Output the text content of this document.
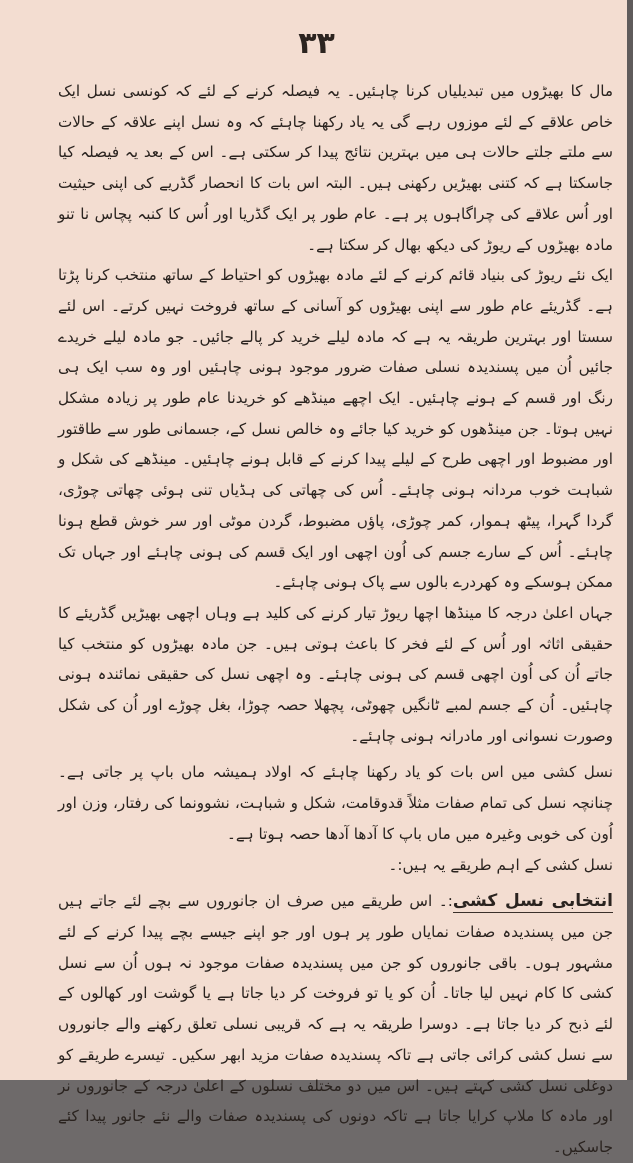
۳۳

مال کا بھیڑوں میں تبدیلیاں کرنا چاہئیں۔ یہ فیصلہ کرنے کے لئے کہ کونسی نسل ایک خاص علاقے کے لئے موزوں رہے گی یہ یاد رکھنا چاہئے کہ وہ نسل اپنے علاقہ کے حالات سے ملتے جلتے حالات ہی میں بہترین نتائج پیدا کر سکتی ہے۔ اس کے بعد یہ فیصلہ کیا جاسکتا ہے کہ کتنی بھیڑیں رکھنی ہیں۔ البتہ اس بات کا انحصار گڈریے کی اپنی حیثیت اور اُس علاقے کی چراگاہوں پر ہے۔ عام طور پر ایک گڈریا اور اُس کا کنبہ پچاس نا تنو مادہ بھیڑوں کے ریوڑ کی دیکھ بھال کر سکتا ہے۔

ایک نئے ریوڑ کی بنیاد قائم کرنے کے لئے مادہ بھیڑوں کو احتیاط کے ساتھ منتخب کرنا پڑتا ہے۔ گڈریئے عام طور سے اپنی بھیڑوں کو آسانی کے ساتھ فروخت نہیں کرتے۔ اس لئے سستا اور بہترین طریقہ یہ ہے کہ مادہ لیلے خرید کر پالے جائیں۔ جو مادہ لیلے خریدے جائیں اُن میں پسندیدہ نسلی صفات ضرور موجود ہونی چاہئیں اور وہ سب ایک ہی رنگ اور قسم کے ہونے چاہئیں۔ ایک اچھے مینڈھے کو خریدنا عام طور پر زیادہ مشکل نہیں ہوتا۔ جن مینڈھوں کو خرید کیا جائے وہ خالص نسل کے، جسمانی طور سے طاقتور اور مضبوط اور اچھی طرح کے لیلے پیدا کرنے کے قابل ہونے چاہئیں۔ مینڈھے کی شکل و شباہت خوب مردانہ ہونی چاہئے۔ اُس کی چھاتی کی ہڈیاں تنی ہوئی چھاتی چوڑی، گردا گہرا، پیٹھ ہموار، کمر چوڑی، پاؤں مضبوط، گردن موٹی اور سر خوش قطع ہونا چاہئے۔ اُس کے سارے جسم کی اُون اچھی اور ایک قسم کی ہونی چاہئے اور جہاں تک ممکن ہوسکے وہ کھردرے بالوں سے پاک ہونی چاہئے۔

جہاں اعلیٰ درجہ کا مینڈھا اچھا ریوڑ تیار کرنے کی کلید ہے وہاں اچھی بھیڑیں گڈریئے کا حقیقی اثاثہ اور اُس کے لئے فخر کا باعث ہوتی ہیں۔ جن مادہ بھیڑوں کو منتخب کیا جاتے اُن کی اُون اچھی قسم کی ہونی چاہئے۔ وہ اچھی نسل کی حقیقی نمائندہ ہونی چاہئیں۔ اُن کے جسم لمبے ٹانگیں چھوٹی، پچھلا حصہ چوڑا، بغل چوڑے اور اُن کی شکل وصورت نسوانی اور مادرانہ ہونی چاہئے۔

نسل کشی میں اس بات کو یاد رکھنا چاہئے کہ اولاد ہمیشہ ماں باپ پر جاتی ہے۔ چنانچہ نسل کی تمام صفات مثلاً قدوقامت، شکل و شباہت، نشوونما کی رفتار، وزن اور اُون کی خوبی وغیرہ میں ماں باپ کا آدھا آدھا حصہ ہوتا ہے۔

نسل کشی کے اہم طریقے یہ ہیں:۔

انتخابی نسل کشی:۔ اس طریقے میں صرف ان جانوروں سے بچے لئے جاتے ہیں جن میں پسندیدہ صفات نمایاں طور پر ہوں اور جو اپنے جیسے بچے پیدا کرنے کے لئے مشہور ہوں۔ باقی جانوروں کو جن میں پسندیدہ صفات موجود نہ ہوں اُن سے نسل کشی کا کام نہیں لیا جاتا۔ اُن کو یا تو فروخت کر دیا جاتا ہے یا گوشت اور کھالوں کے لئے ذبح کر دیا جاتا ہے۔ دوسرا طریقہ یہ ہے کہ قریبی نسلی تعلق رکھنے والے جانوروں سے نسل کشی کرائی جاتی ہے تاکہ پسندیدہ صفات مزید ابھر سکیں۔ تیسرے طریقے کو دوغلی نسل کشی کہتے ہیں۔ اس میں دو مختلف نسلوں کے اعلیٰ درجہ کے جانوروں نر اور مادہ کا ملاپ کرایا جاتا ہے تاکہ دونوں کی پسندیدہ صفات والے نئے جانور پیدا کئے جاسکیں۔
